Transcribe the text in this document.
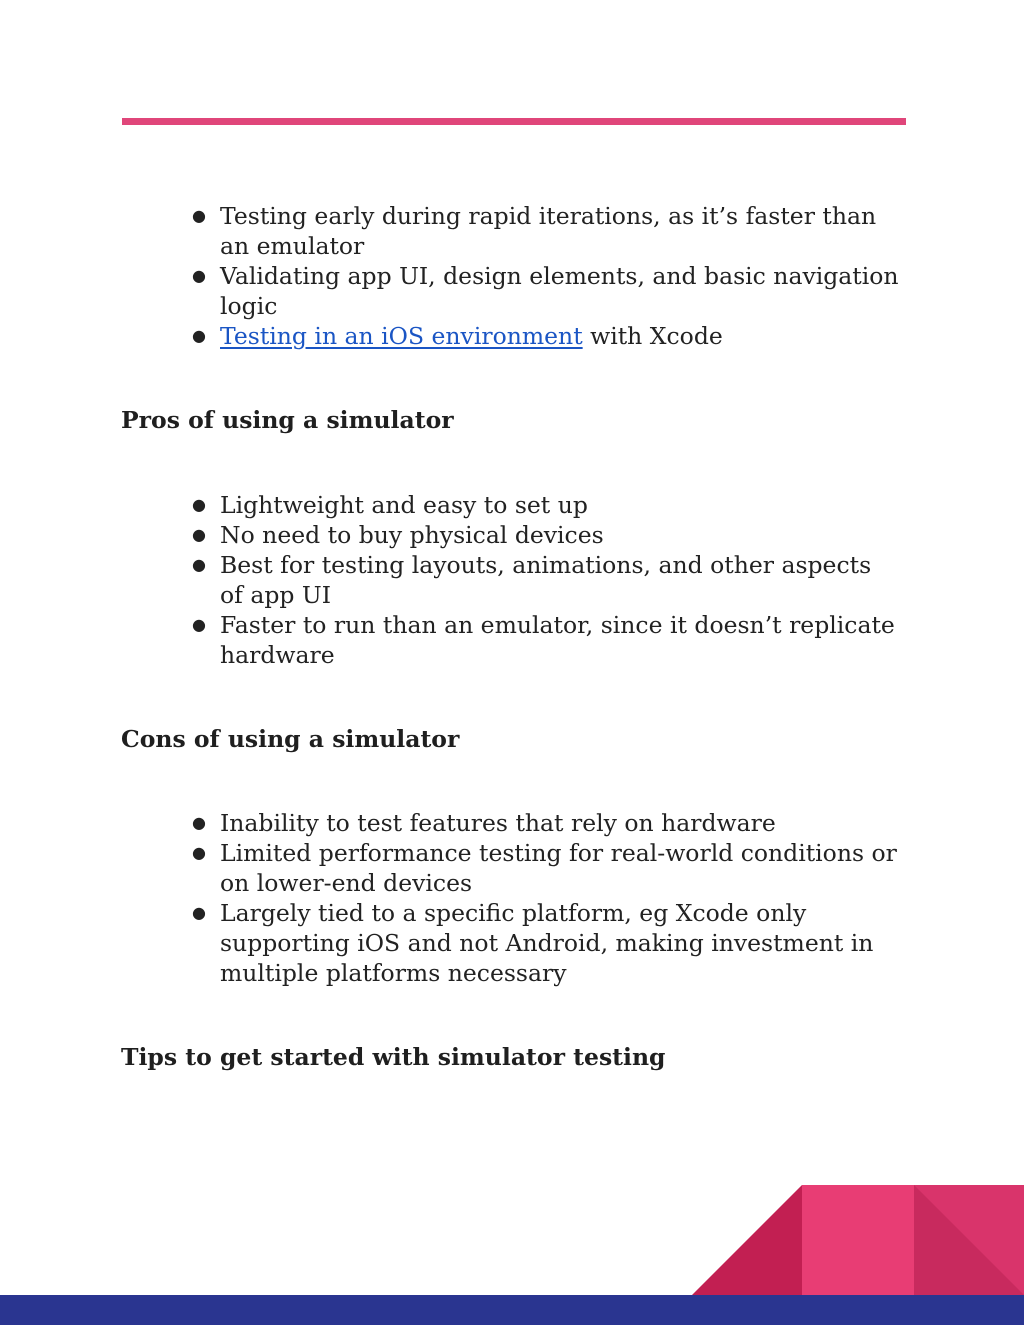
● Testing early during rapid iterations, as it’s faster than an emulator
● Validating app UI, design elements, and basic navigation logic
● Testing in an iOS environment with Xcode
Pros of using a simulator
● Lightweight and easy to set up
● No need to buy physical devices
● Best for testing layouts, animations, and other aspects of app UI
● Faster to run than an emulator, since it doesn’t replicate hardware
Cons of using a simulator
● Inability to test features that rely on hardware
● Limited performance testing for real-world conditions or on lower-end devices
● Largely tied to a specific platform, eg Xcode only supporting iOS and not Android, making investment in multiple platforms necessary
Tips to get started with simulator testing
